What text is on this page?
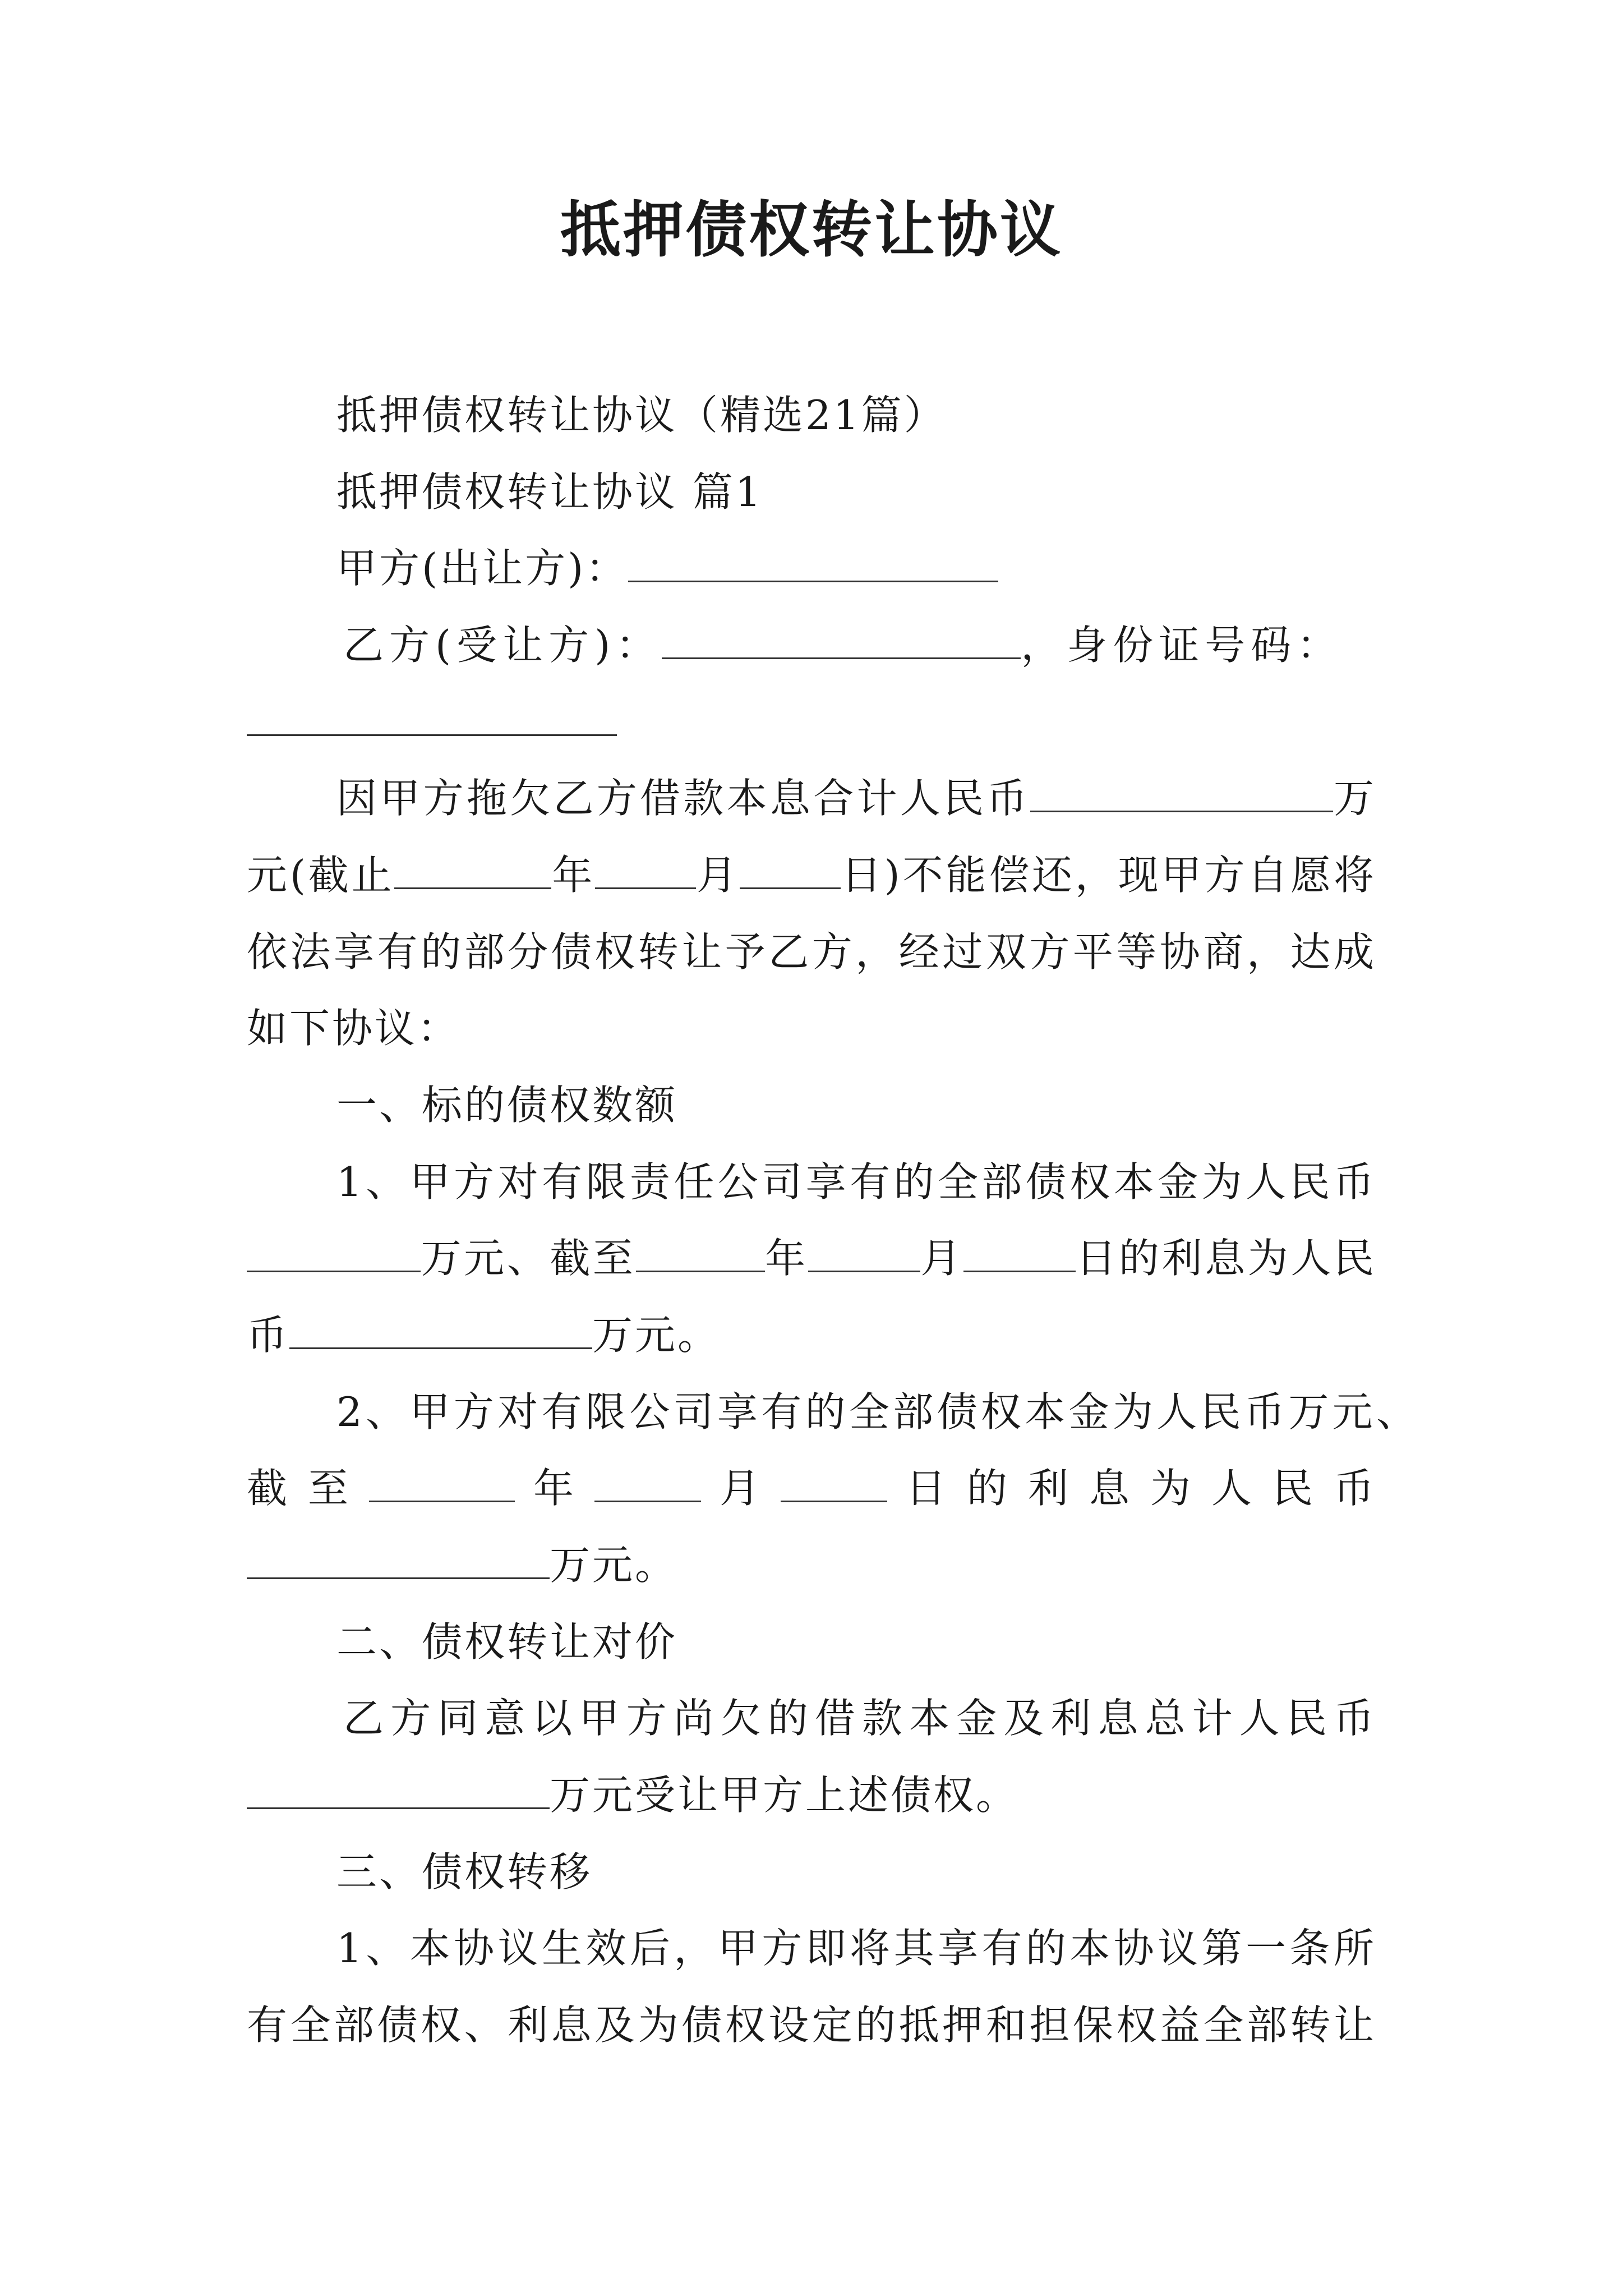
抵押债权转让协议
抵押债权转让协议（精选21篇）
抵押债权转让协议 篇1
甲方(出让方)：
乙方(受让方)：	，身份证号码：
因甲方拖欠乙方借款本息合计人民币	万
元(截止	年	月	日)不能偿还，现甲方自愿将
依法享有的部分债权转让予乙方，经过双方平等协商，达成
如下协议：
一、标的债权数额
1、甲方对有限责任公司享有的全部债权本金为人民币
万元、截至	年	月	日的利息为人民
币	万元。
2、甲方对有限公司享有的全部债权本金为人民币万元、
截至	年	月	日的利息为人民币
万元。
二、债权转让对价
乙方同意以甲方尚欠的借款本金及利息总计人民币
万元受让甲方上述债权。
三、债权转移
1、本协议生效后，甲方即将其享有的本协议第一条所
有全部债权、利息及为债权设定的抵押和担保权益全部转让
